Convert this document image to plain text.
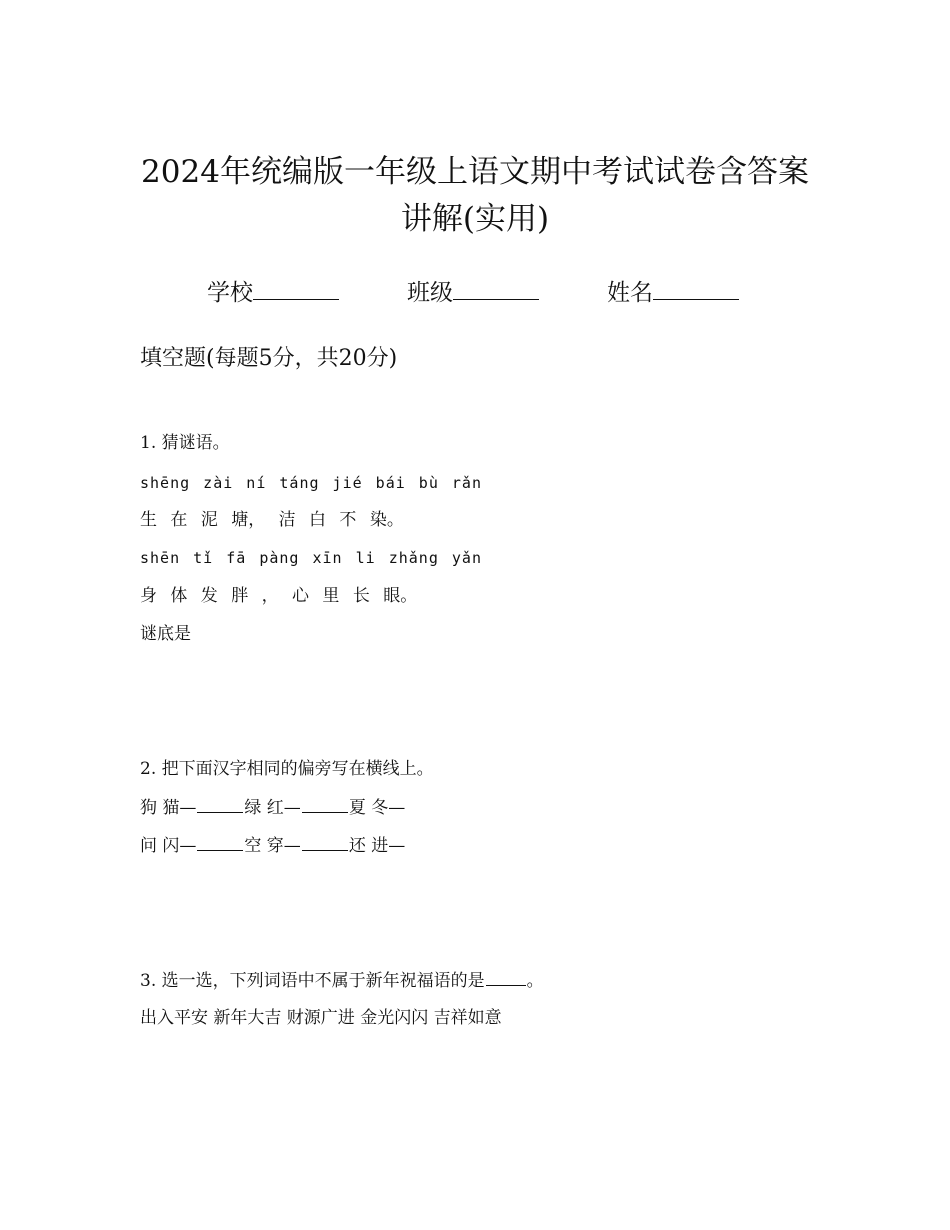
2024年统编版一年级上语文期中考试试卷含答案
讲解(实用)
学校	班级	姓名
填空题(每题5分，共20分)
1. 猜谜语。
shēng zài ní táng jié bái bù rǎn
生 在 泥 塘， 洁 白 不 染。
shēn tǐ fā pàng xīn li zhǎng yǎn
身 体 发 胖 ， 心 里 长 眼。
谜底是
2. 把下面汉字相同的偏旁写在横线上。
狗 猫—	绿 红—	夏 冬—
问 闪—	空 穿—	还 进—
3. 选一选，下列词语中不属于新年祝福语的是 。
出入平安 新年大吉 财源广进 金光闪闪 吉祥如意
